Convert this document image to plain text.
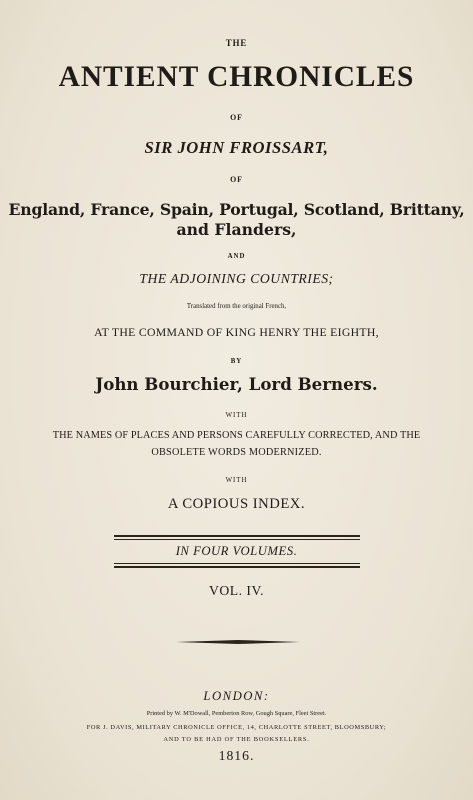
THE
ANTIENT CHRONICLES
OF
SIR JOHN FROISSART,
OF
England, France, Spain, Portugal, Scotland, Brittany,
and Flanders,
AND
THE ADJOINING COUNTRIES;
Translated from the original French,
AT THE COMMAND OF KING HENRY THE EIGHTH,
BY
John Bourchier, Lord Berners.
WITH
THE NAMES OF PLACES AND PERSONS CAREFULLY CORRECTED, AND THE
OBSOLETE WORDS MODERNIZED.
WITH
A COPIOUS INDEX.
IN FOUR VOLUMES.
VOL. IV.
LONDON:
Printed by W. M'Dowall, Pemberton Row, Gough Square, Fleet Street.
FOR J. DAVIS, MILITARY CHRONICLE OFFICE, 14, CHARLOTTE STREET, BLOOMSBURY;
AND TO BE HAD OF THE BOOKSELLERS.
1816.
